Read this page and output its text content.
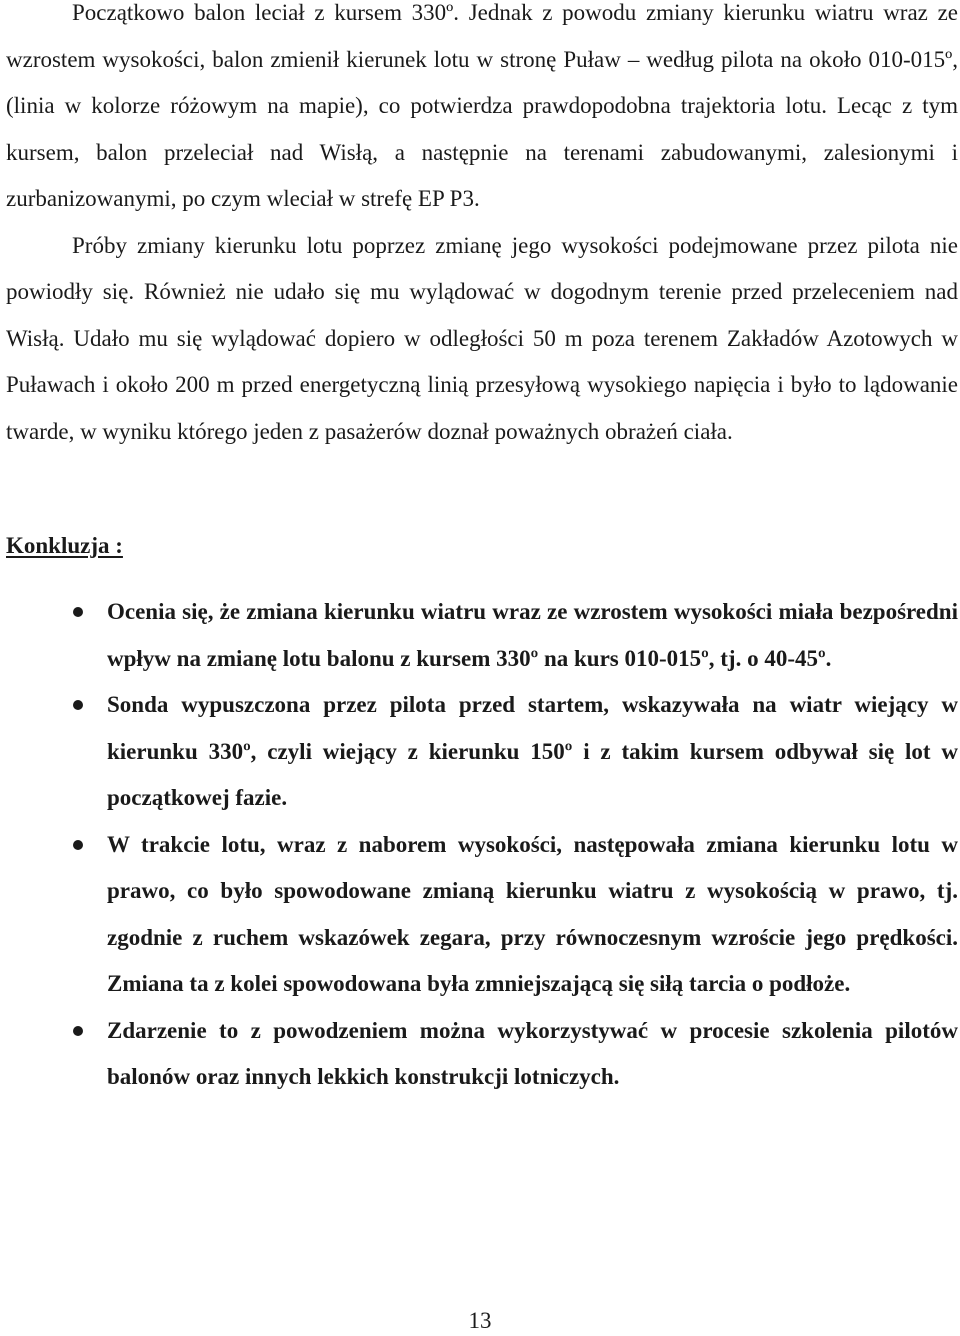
Początkowo balon leciał z kursem 330º. Jednak z powodu zmiany kierunku wiatru wraz ze wzrostem wysokości, balon zmienił kierunek lotu w stronę Puław – według pilota na około 010-015º, (linia w kolorze różowym na mapie), co potwierdza prawdopodobna trajektoria lotu. Lecąc z tym kursem, balon przeleciał nad Wisłą, a następnie na terenami zabudowanymi, zalesionymi i zurbanizowanymi, po czym wleciał w strefę EP P3.

Próby zmiany kierunku lotu poprzez zmianę jego wysokości podejmowane przez pilota nie powiodły się. Również nie udało się mu wylądować w dogodnym terenie przed przeleceniem nad Wisłą. Udało mu się wylądować dopiero w odległości 50 m poza terenem Zakładów Azotowych w Puławach i około 200 m przed energetyczną linią przesyłową wysokiego napięcia i było to lądowanie twarde, w wyniku którego jeden z pasażerów doznał poważnych obrażeń ciała.

Konkluzja :
Ocenia się, że zmiana kierunku wiatru wraz ze wzrostem wysokości miała bezpośredni wpływ na zmianę lotu balonu z kursem 330º na kurs 010-015º, tj. o 40-45º.
Sonda wypuszczona przez pilota przed startem, wskazywała na wiatr wiejący w kierunku 330º, czyli wiejący z kierunku 150º i z takim kursem odbywał się lot w początkowej fazie.
W trakcie lotu, wraz z naborem wysokości, następowała zmiana kierunku lotu w prawo, co było spowodowane zmianą kierunku wiatru z wysokością w prawo, tj. zgodnie z ruchem wskazówek zegara, przy równoczesnym wzroście jego prędkości. Zmiana ta z kolei spowodowana była zmniejszającą się siłą tarcia o podłoże.
Zdarzenie to z powodzeniem można wykorzystywać w procesie szkolenia pilotów balonów oraz innych lekkich konstrukcji lotniczych.
13
